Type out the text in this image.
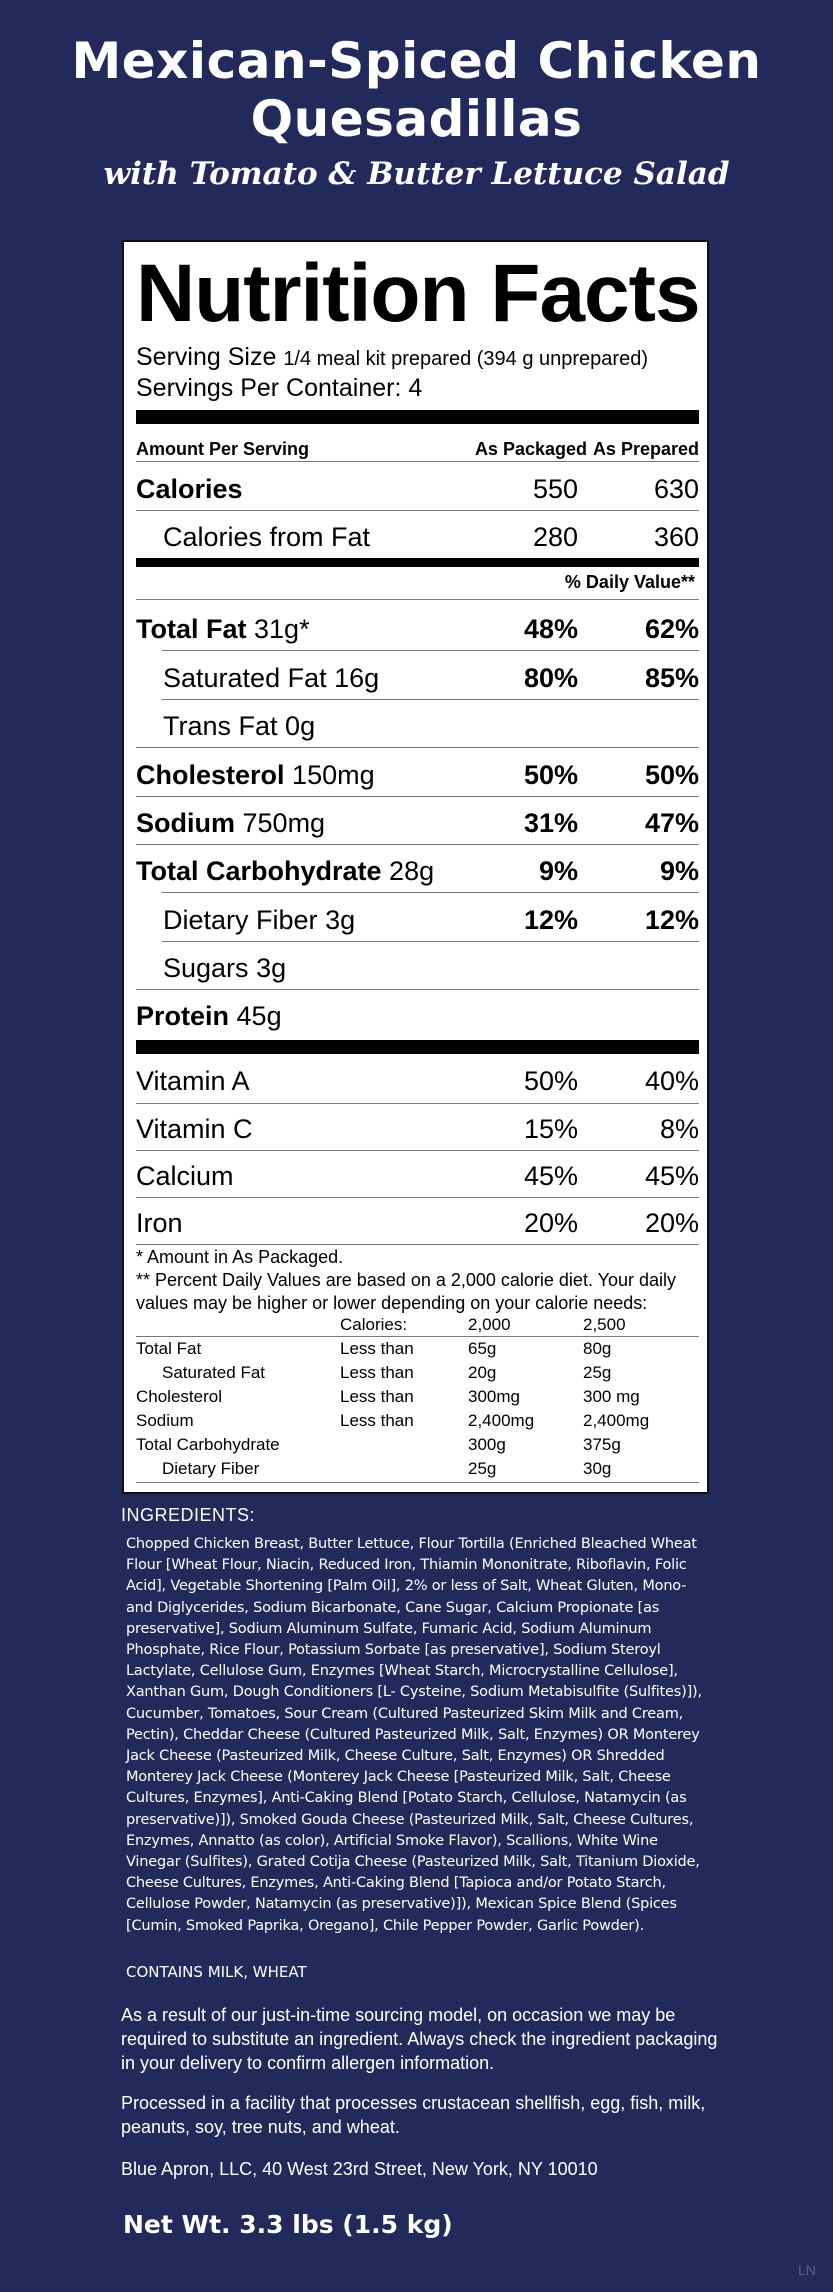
Mexican-Spiced Chicken
Quesadillas
with Tomato & Butter Lettuce Salad
Nutrition Facts
Serving Size 1/4 meal kit prepared (394 g unprepared)
Servings Per Container: 4
Amount Per Serving	As Packaged As Prepared
Calories	550	630
Calories from Fat	280	360
% Daily Value**
Total Fat 31g*	48% 62%
Saturated Fat 16g	80% 85%
Trans Fat 0g
Cholesterol 150mg	50% 50%
Sodium 750mg	31% 47%
Total Carbohydrate 28g	9%	9%
Dietary Fiber 3g	12% 12%
Sugars 3g
Protein 45g
Vitamin A	50% 40%
Vitamin C	15%	8%
Calcium	45% 45%
Iron	20% 20%
* Amount in As Packaged.
** Percent Daily Values are based on a 2,000 calorie diet. Your daily values may be higher or lower depending on your calorie needs:
Calories:	2,000	2,500
Total Fat	Less than	65g	80g
Saturated Fat	Less than	20g	25g
Cholesterol	Less than	300mg	300 mg
Sodium	Less than	2,400mg	2,400mg
Total Carbohydrate	300g	375g
Dietary Fiber	25g	30g
INGREDIENTS:
Chopped Chicken Breast, Butter Lettuce, Flour Tortilla (Enriched Bleached Wheat Flour [Wheat Flour, Niacin, Reduced Iron, Thiamin Mononitrate, Riboflavin, Folic Acid], Vegetable Shortening [Palm Oil], 2% or less of Salt, Wheat Gluten, Mono- and Diglycerides, Sodium Bicarbonate, Cane Sugar, Calcium Propionate [as preservative], Sodium Aluminum Sulfate, Fumaric Acid, Sodium Aluminum Phosphate, Rice Flour, Potassium Sorbate [as preservative], Sodium Steroyl Lactylate, Cellulose Gum, Enzymes [Wheat Starch, Microcrystalline Cellulose], Xanthan Gum, Dough Conditioners [L- Cysteine, Sodium Metabisulfite (Sulfites)]), Cucumber, Tomatoes, Sour Cream (Cultured Pasteurized Skim Milk and Cream, Pectin), Cheddar Cheese (Cultured Pasteurized Milk, Salt, Enzymes) OR Monterey Jack Cheese (Pasteurized Milk, Cheese Culture, Salt, Enzymes) OR Shredded Monterey Jack Cheese (Monterey Jack Cheese [Pasteurized Milk, Salt, Cheese Cultures, Enzymes], Anti-Caking Blend [Potato Starch, Cellulose, Natamycin (as preservative)]), Smoked Gouda Cheese (Pasteurized Milk, Salt, Cheese Cultures, Enzymes, Annatto (as color), Artificial Smoke Flavor), Scallions, White Wine Vinegar (Sulfites), Grated Cotija Cheese (Pasteurized Milk, Salt, Titanium Dioxide, Cheese Cultures, Enzymes, Anti-Caking Blend [Tapioca and/or Potato Starch, Cellulose Powder, Natamycin (as preservative)]), Mexican Spice Blend (Spices [Cumin, Smoked Paprika, Oregano], Chile Pepper Powder, Garlic Powder).
CONTAINS MILK, WHEAT
As a result of our just-in-time sourcing model, on occasion we may be required to substitute an ingredient. Always check the ingredient packaging in your delivery to confirm allergen information.
Processed in a facility that processes crustacean shellfish, egg, fish, milk, peanuts, soy, tree nuts, and wheat.
Blue Apron, LLC, 40 West 23rd Street, New York, NY 10010
Net Wt. 3.3 lbs (1.5 kg)
LN
